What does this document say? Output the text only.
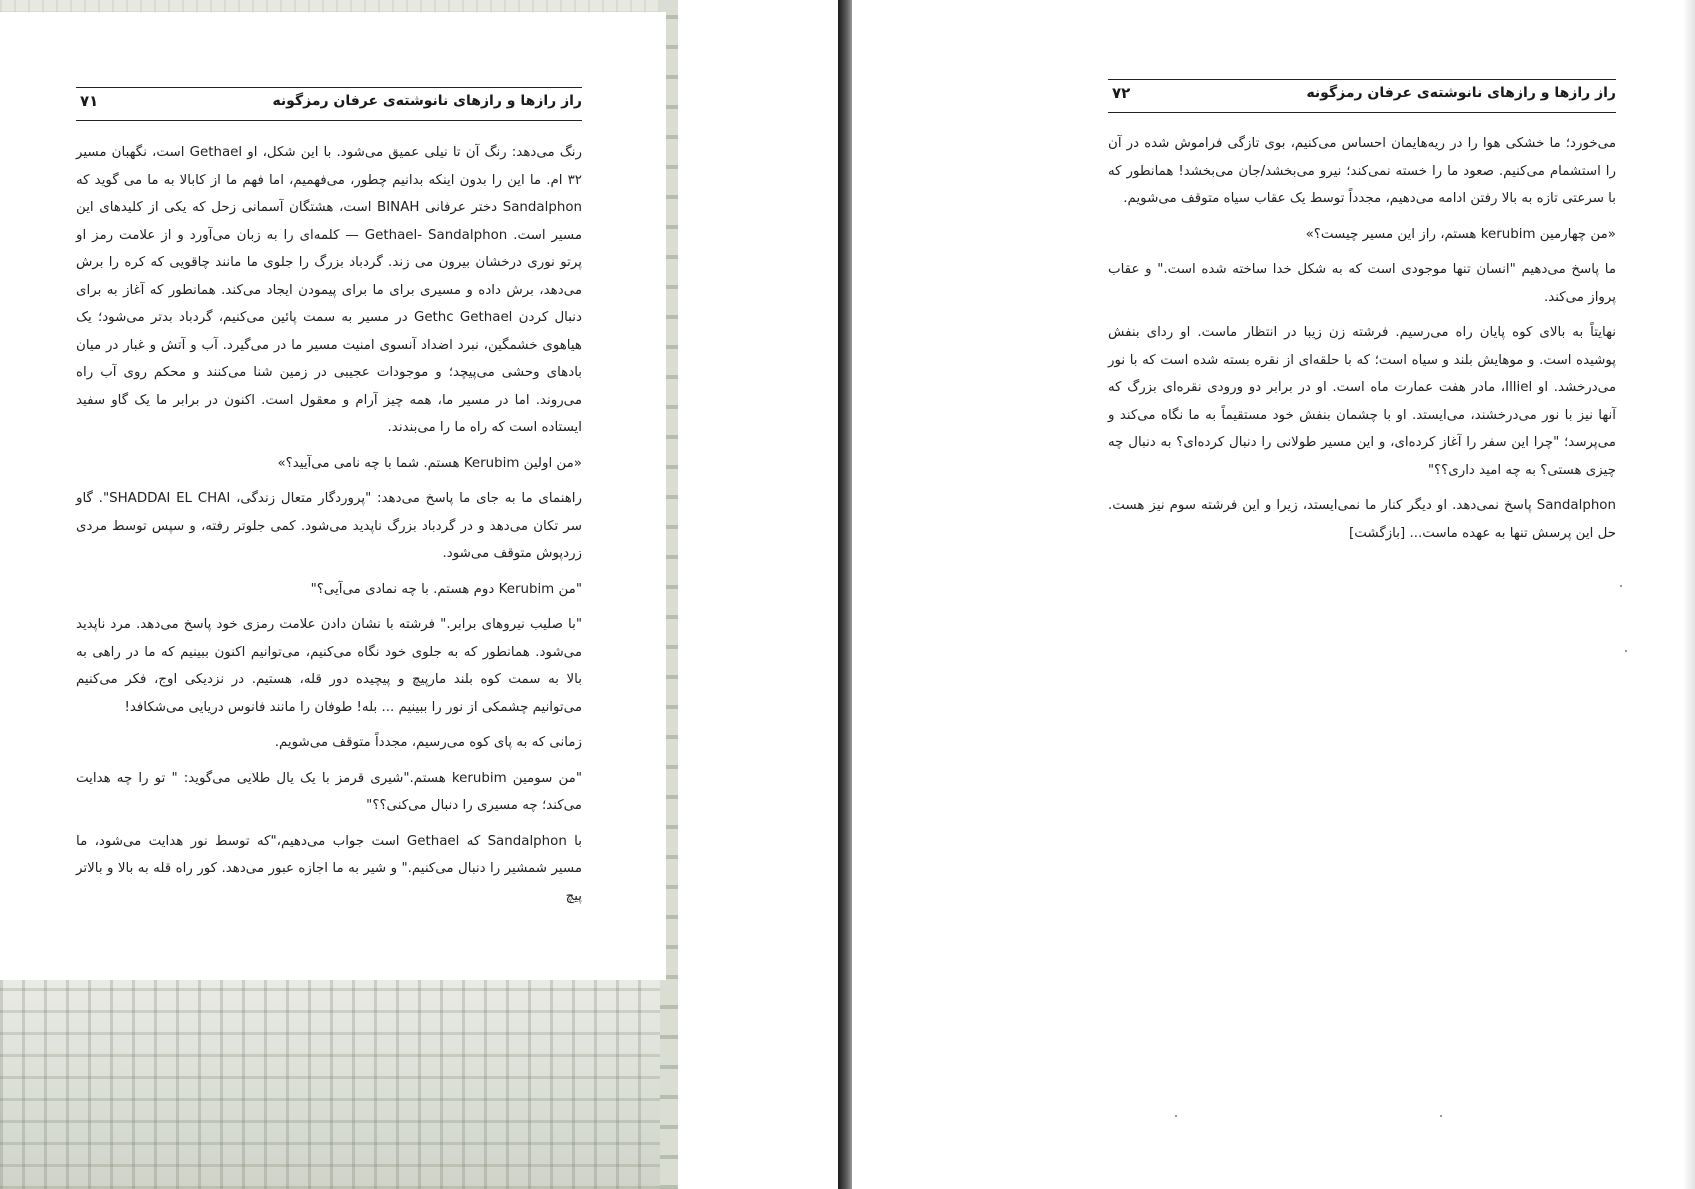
راز رازها و رازهای نانوشته‌ی عرفان رمزگونه
۷۱

رنگ می‌دهد: رنگ آن تا نیلی عمیق می‌شود. با این شکل، او Gethael است، نگهبان مسیر ۳۲ ام. ما این را بدون اینکه بدانیم چطور، می‌فهمیم، اما فهم ما از کابالا به ما می گوید که Sandalphon دختر عرفانی BINAH است، هشتگان آسمانی زحل که یکی از کلیدهای این مسیر است. Gethael- Sandalphon — کلمه‌ای را به زبان می‌آورد و از علامت رمز او پرتو نوری درخشان بیرون می زند. گردباد بزرگ را جلوی ما مانند چاقویی که کره را برش می‌دهد، برش داده و مسیری برای ما برای پیمودن ایجاد می‌کند. همانطور که آغاز به برای دنبال کردن Gethc Gethael در مسیر به سمت پائین می‌کنیم، گردباد بدتر می‌شود؛ یک هیاهوی خشمگین، نبرد اضداد آنسوی امنیت مسیر ما در می‌گیرد. آب و آتش و غبار در میان بادهای وحشی می‌پیچد؛ و موجودات عجیبی در زمین شنا می‌کنند و محکم روی آب راه می‌روند. اما در مسیر ما، همه چیز آرام و معقول است. اکنون در برابر ما یک گاو سفید ایستاده است که راه ما را می‌بندند.

«من اولین Kerubim هستم. شما با چه نامی می‌آیید؟»

راهنمای ما به جای ما پاسخ می‌دهد: "پروردگار متعال زندگی، SHADDAI EL CHAI". گاو سر تکان می‌دهد و در گردباد بزرگ ناپدید می‌شود. کمی جلوتر رفته، و سپس توسط مردی زردپوش متوقف می‌شود.

"من Kerubim دوم هستم. با چه نمادی می‌آیی؟"

"با صلیب نیروهای برابر." فرشته با نشان دادن علامت رمزی خود پاسخ می‌دهد. مرد ناپدید می‌شود. همانطور که به جلوی خود نگاه می‌کنیم، می‌توانیم اکنون ببینیم که ما در راهی به بالا به سمت کوه بلند مارپیچ و پیچیده دور قله، هستیم. در نزدیکی اوج، فکر می‌کنیم می‌توانیم چشمکی از نور را ببینیم ... بله! طوفان را مانند فانوس دریایی می‌شکافد!

زمانی که به پای کوه می‌رسیم، مجدداً متوقف می‌شویم.

"من سومین kerubim هستم."شیری قرمز با یک یال طلایی می‌گوید: " تو را چه هدایت می‌کند؛ چه مسیری را دنبال می‌کنی؟؟"

با Sandalphon که Gethael است جواب می‌دهیم،"که توسط نور هدایت می‌شود، ما مسیر شمشیر را دنبال می‌کنیم." و شیر به ما اجازه عبور می‌دهد. کور راه قله به بالا و بالاتر پیچ

راز رازها و رازهای نانوشته‌ی عرفان رمزگونه
۷۲

می‌خورد؛ ما خشکی هوا را در ریه‌هایمان احساس می‌کنیم، بوی تازگی فراموش شده در آن را استشمام می‌کنیم. صعود ما را خسته نمی‌کند؛ نیرو می‌بخشد/جان می‌بخشد! همانطور که با سرعتی تازه به بالا رفتن ادامه می‌دهیم، مجدداً توسط یک عقاب سیاه متوقف می‌شویم.

«من چهارمین kerubim هستم، راز این مسیر چیست؟»

ما پاسخ می‌دهیم "انسان تنها موجودی است که به شکل خدا ساخته شده است." و عقاب پرواز می‌کند.

نهایتاً به بالای کوه پایان راه می‌رسیم. فرشته زن زیبا در انتظار ماست. او ردای بنفش پوشیده است. و موهایش بلند و سیاه است؛ که با حلقه‌ای از نقره بسته شده است که با نور می‌درخشد. او Illiel، مادر هفت عمارت ماه است. او در برابر دو ورودی نقره‌ای بزرگ که آنها نیز با نور می‌درخشند، می‌ایستد. او با چشمان بنفش خود مستقیماً به ما نگاه می‌کند و می‌پرسد؛ "چرا این سفر را آغاز کرده‌ای، و این مسیر طولانی را دنبال کرده‌ای؟ به دنبال چه چیزی هستی؟ به چه امید داری؟؟"

Sandalphon پاسخ نمی‌دهد. او دیگر کنار ما نمی‌ایستد، زیرا و این فرشته سوم نیز هست. حل این پرسش تنها به عهده ماست... [بازگشت]
